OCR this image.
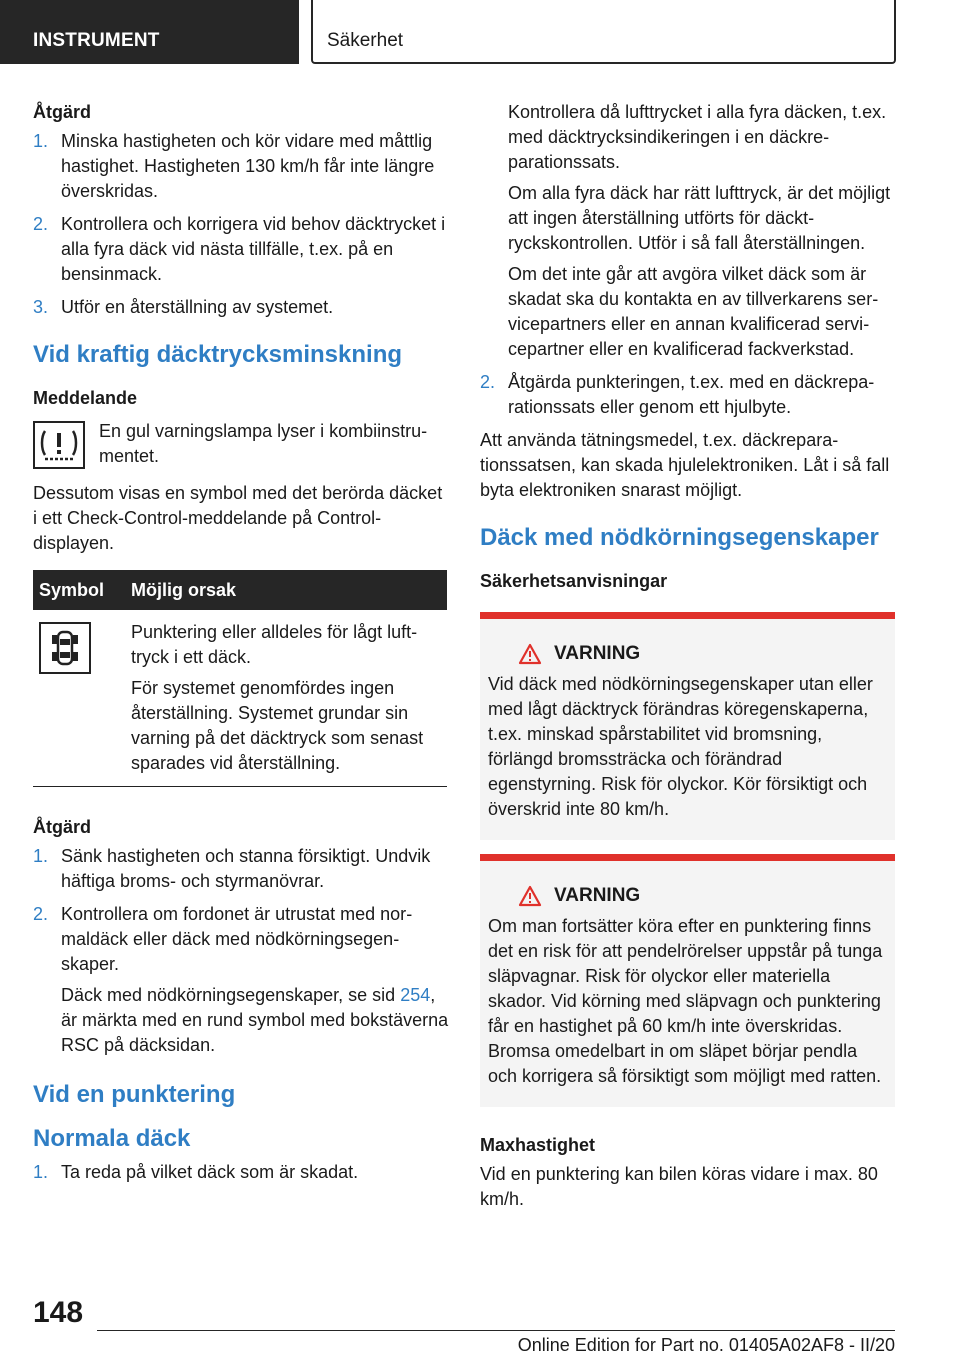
INSTRUMENT	Säkerhet

Åtgärd

1. Minska hastigheten och kör vidare med måttlig hastighet. Hastigheten 130 km/h får inte längre överskridas.
2. Kontrollera och korrigera vid behov däcktrycket i alla fyra däck vid nästa tillfälle, t.ex. på en bensinmack.
3. Utför en återställning av systemet.

Vid kraftig däcktrycksminskning

Meddelande

En gul varningslampa lyser i kombiinstrumentet.

Dessutom visas en symbol med det berörda däcket i ett Check-Control-meddelande på Control-displayen.

Symbol	Möjlig orsak

Punktering eller alldeles för lågt lufttryck i ett däck.

För systemet genomfördes ingen återställning. Systemet grundar sin varning på det däcktryck som senast sparades vid återställning.

Åtgärd

1. Sänk hastigheten och stanna försiktigt. Undvik häftiga broms- och styrmanövrar.
2. Kontrollera om fordonet är utrustat med normaldäck eller däck med nödkörningsegenskaper.

Däck med nödkörningsegenskaper, se sid 254, är märkta med en rund symbol med bokstäverna RSC på däcksidan.

Vid en punktering

Normala däck

1. Ta reda på vilket däck som är skadat.

Kontrollera då lufttrycket i alla fyra däcken, t.ex. med däcktrycksindikeringen i en däckreparationssats.

Om alla fyra däck har rätt lufttryck, är det möjligt att ingen återställning utförts för däcktryckskontrollen. Utför i så fall återställningen.

Om det inte går att avgöra vilket däck som är skadat ska du kontakta en av tillverkarens servicepartners eller en annan kvalificerad servicepartner eller en kvalificerad fackverkstad.

2. Åtgärda punkteringen, t.ex. med en däckreparationssats eller genom ett hjulbyte.

Att använda tätningsmedel, t.ex. däckreparationssatsen, kan skada hjulelektroniken. Låt i så fall byta elektroniken snarast möjligt.

Däck med nödkörningsegenskaper

Säkerhetsanvisningar

VARNING

Vid däck med nödkörningsegenskaper utan eller med lågt däcktryck förändras köregenskaperna, t.ex. minskad spårstabilitet vid bromsning, förlängd bromssträcka och förändrad egenstyrning. Risk för olyckor. Kör försiktigt och överskrid inte 80 km/h.

VARNING

Om man fortsätter köra efter en punktering finns det en risk för att pendelrörelser uppstår på tunga släpvagnar. Risk för olyckor eller materiella skador. Vid körning med släpvagn och punktering får en hastighet på 60 km/h inte överskridas. Bromsa omedelbart in om släpet börjar pendla och korrigera så försiktigt som möjligt med ratten.

Maxhastighet

Vid en punktering kan bilen köras vidare i max. 80 km/h.

148
Online Edition for Part no. 01405A02AF8 - II/20
